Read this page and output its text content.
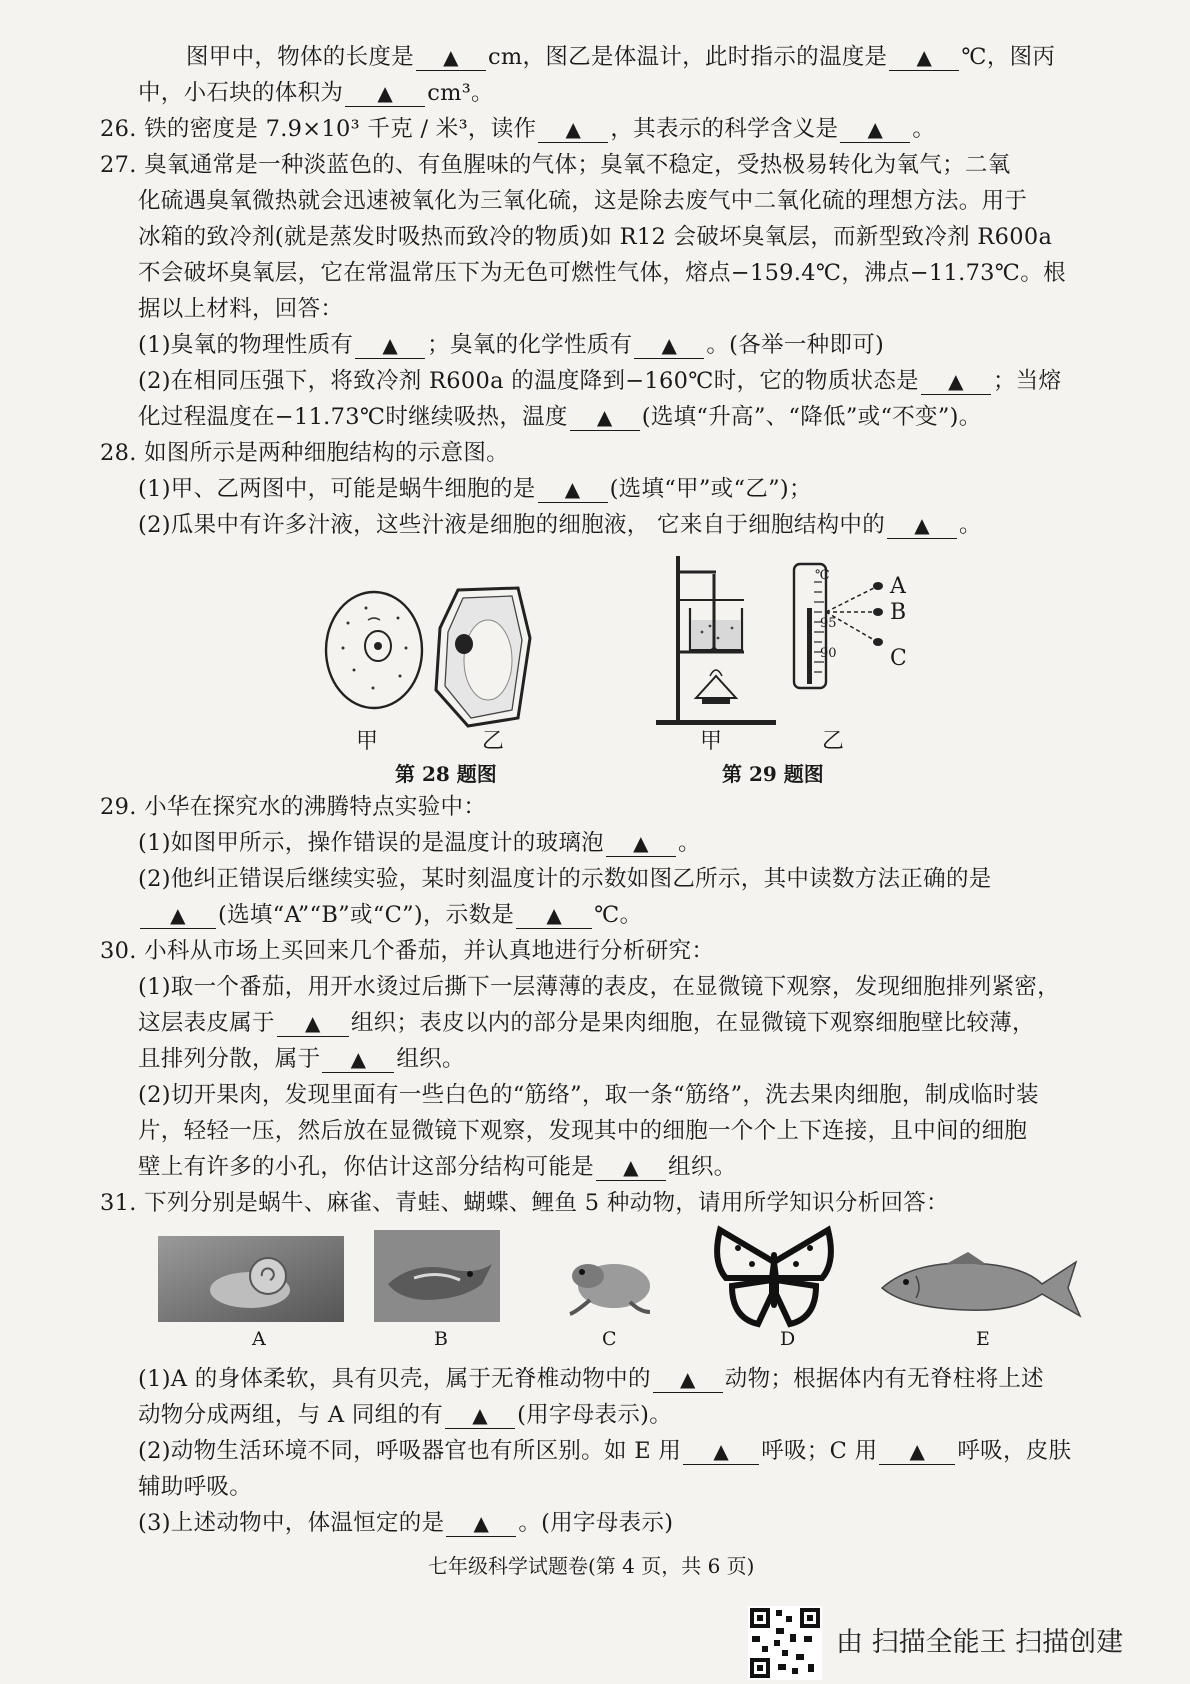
图甲中，物体的长度是 ▲ cm，图乙是体温计，此时指示的温度是 ▲ ℃，图丙
中，小石块的体积为 ▲ cm³。
26. 铁的密度是 7.9×10³ 千克 / 米³，读作 ▲ ，其表示的科学含义是 ▲ 。
27. 臭氧通常是一种淡蓝色的、有鱼腥味的气体；臭氧不稳定，受热极易转化为氧气；二氧
化硫遇臭氧微热就会迅速被氧化为三氧化硫，这是除去废气中二氧化硫的理想方法。用于
冰箱的致冷剂(就是蒸发时吸热而致冷的物质)如 R12 会破坏臭氧层，而新型致冷剂 R600a
不会破坏臭氧层，它在常温常压下为无色可燃性气体，熔点−159.4℃，沸点−11.73℃。根
据以上材料，回答：
(1)臭氧的物理性质有 ▲ ；臭氧的化学性质有 ▲ 。(各举一种即可)
(2)在相同压强下，将致冷剂 R600a 的温度降到−160℃时，它的物质状态是 ▲ ；当熔
化过程温度在−11.73℃时继续吸热，温度 ▲ (选填“升高”、“降低”或“不变”)。
28. 如图所示是两种细胞结构的示意图。
(1)甲、乙两图中，可能是蜗牛细胞的是 ▲ (选填“甲”或“乙”)；
(2)瓜果中有许多汁液，这些汁液是细胞的细胞液， 它来自于细胞结构中的 ▲ 。
29. 小华在探究水的沸腾特点实验中：
(1)如图甲所示，操作错误的是温度计的玻璃泡 ▲ 。
(2)他纠正错误后继续实验，某时刻温度计的示数如图乙所示，其中读数方法正确的是
▲ (选填“A”“B”或“C”)，示数是 ▲ ℃。
30. 小科从市场上买回来几个番茄，并认真地进行分析研究：
(1)取一个番茄，用开水烫过后撕下一层薄薄的表皮，在显微镜下观察，发现细胞排列紧密，
这层表皮属于 ▲ 组织；表皮以内的部分是果肉细胞，在显微镜下观察细胞壁比较薄，
且排列分散，属于 ▲ 组织。
(2)切开果肉，发现里面有一些白色的“筋络”，取一条“筋络”，洗去果肉细胞，制成临时装
片，轻轻一压，然后放在显微镜下观察，发现其中的细胞一个个上下连接，且中间的细胞
壁上有许多的小孔，你估计这部分结构可能是 ▲ 组织。
31. 下列分别是蜗牛、麻雀、青蛙、蝴蝶、鲤鱼 5 种动物，请用所学知识分析回答：
(1)A 的身体柔软，具有贝壳，属于无脊椎动物中的 ▲ 动物；根据体内有无脊柱将上述
动物分成两组，与 A 同组的有 ▲ (用字母表示)。
(2)动物生活环境不同，呼吸器官也有所区别。如 E 用 ▲ 呼吸；C 用 ▲ 呼吸，皮肤
辅助呼吸。
(3)上述动物中，体温恒定的是 ▲ 。(用字母表示)
甲	乙
第 28 题图
℃
95
90
A
B
C
甲	乙
第 29 题图
A	B	C	D	E
七年级科学试题卷(第 4 页，共 6 页)
由 扫描全能王 扫描创建
